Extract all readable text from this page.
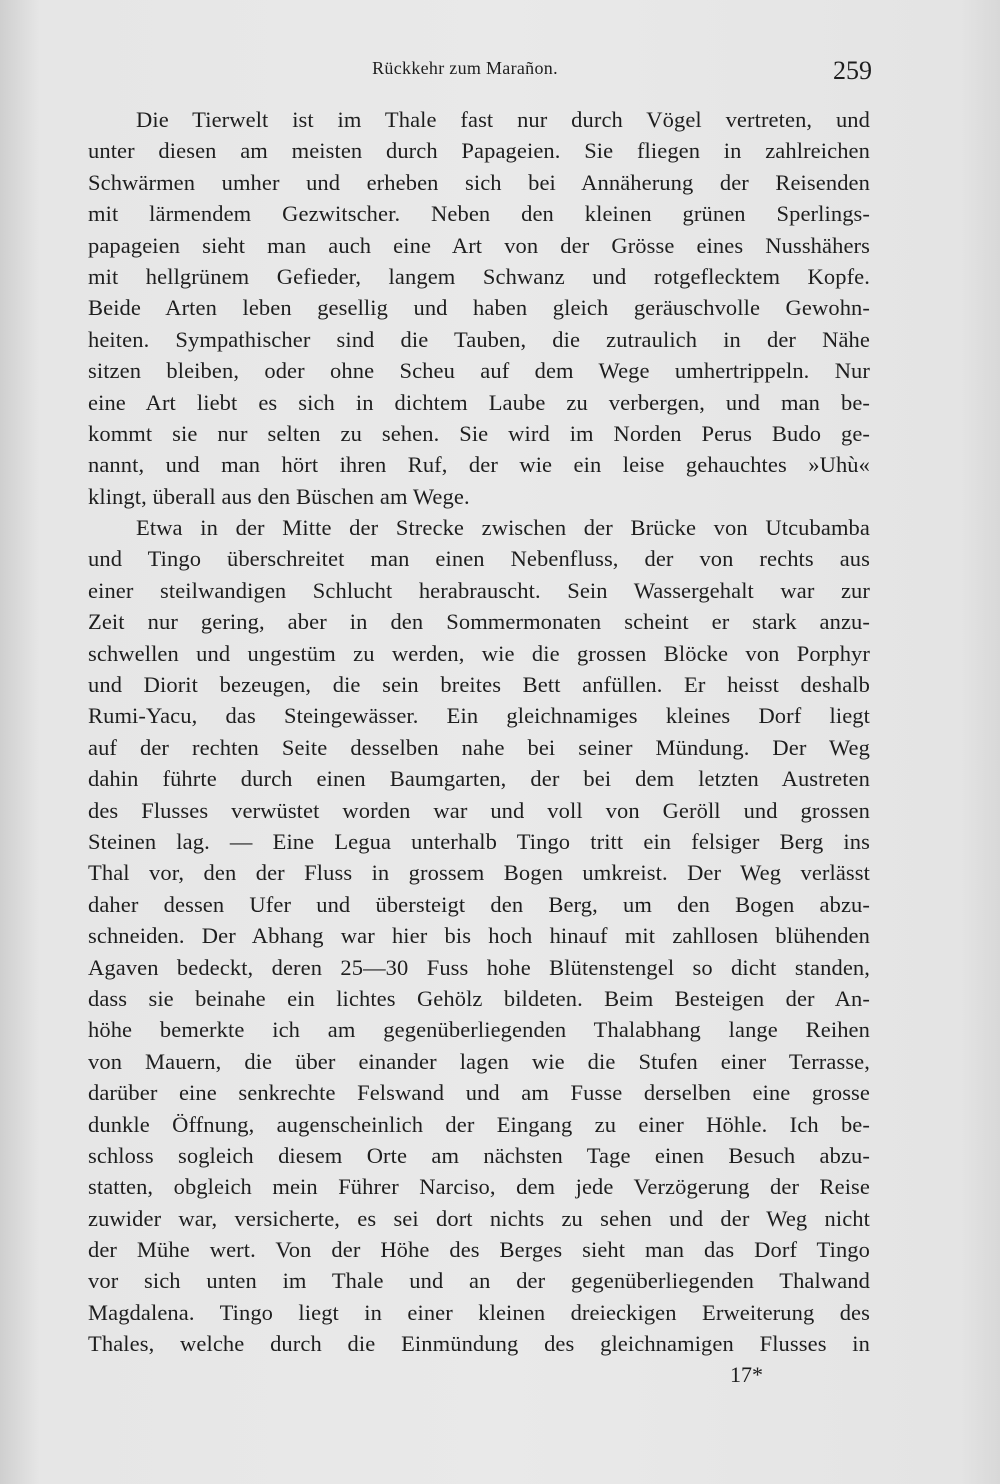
Rückkehr zum Marañon.	259
Die Tierwelt ist im Thale fast nur durch Vögel vertreten, und
unter diesen am meisten durch Papageien. Sie fliegen in zahlreichen
Schwärmen umher und erheben sich bei Annäherung der Reisenden
mit lärmendem Gezwitscher. Neben den kleinen grünen Sperlings-
papageien sieht man auch eine Art von der Grösse eines Nusshähers
mit hellgrünem Gefieder, langem Schwanz und rotgeflecktem Kopfe.
Beide Arten leben gesellig und haben gleich geräuschvolle Gewohn-
heiten. Sympathischer sind die Tauben, die zutraulich in der Nähe
sitzen bleiben, oder ohne Scheu auf dem Wege umhertrippeln. Nur
eine Art liebt es sich in dichtem Laube zu verbergen, und man be-
kommt sie nur selten zu sehen. Sie wird im Norden Perus Budo ge-
nannt, und man hört ihren Ruf, der wie ein leise gehauchtes »Uhù«
klingt, überall aus den Büschen am Wege.
Etwa in der Mitte der Strecke zwischen der Brücke von Utcubamba
und Tingo überschreitet man einen Nebenfluss, der von rechts aus
einer steilwandigen Schlucht herabrauscht. Sein Wassergehalt war zur
Zeit nur gering, aber in den Sommermonaten scheint er stark anzu-
schwellen und ungestüm zu werden, wie die grossen Blöcke von Porphyr
und Diorit bezeugen, die sein breites Bett anfüllen. Er heisst deshalb
Rumi-Yacu, das Steingewässer. Ein gleichnamiges kleines Dorf liegt
auf der rechten Seite desselben nahe bei seiner Mündung. Der Weg
dahin führte durch einen Baumgarten, der bei dem letzten Austreten
des Flusses verwüstet worden war und voll von Geröll und grossen
Steinen lag. — Eine Legua unterhalb Tingo tritt ein felsiger Berg ins
Thal vor, den der Fluss in grossem Bogen umkreist. Der Weg verlässt
daher dessen Ufer und übersteigt den Berg, um den Bogen abzu-
schneiden. Der Abhang war hier bis hoch hinauf mit zahllosen blühenden
Agaven bedeckt, deren 25—30 Fuss hohe Blütenstengel so dicht standen,
dass sie beinahe ein lichtes Gehölz bildeten. Beim Besteigen der An-
höhe bemerkte ich am gegenüberliegenden Thalabhang lange Reihen
von Mauern, die über einander lagen wie die Stufen einer Terrasse,
darüber eine senkrechte Felswand und am Fusse derselben eine grosse
dunkle Öffnung, augenscheinlich der Eingang zu einer Höhle. Ich be-
schloss sogleich diesem Orte am nächsten Tage einen Besuch abzu-
statten, obgleich mein Führer Narciso, dem jede Verzögerung der Reise
zuwider war, versicherte, es sei dort nichts zu sehen und der Weg nicht
der Mühe wert. Von der Höhe des Berges sieht man das Dorf Tingo
vor sich unten im Thale und an der gegenüberliegenden Thalwand
Magdalena. Tingo liegt in einer kleinen dreieckigen Erweiterung des
Thales, welche durch die Einmündung des gleichnamigen Flusses in
17*
